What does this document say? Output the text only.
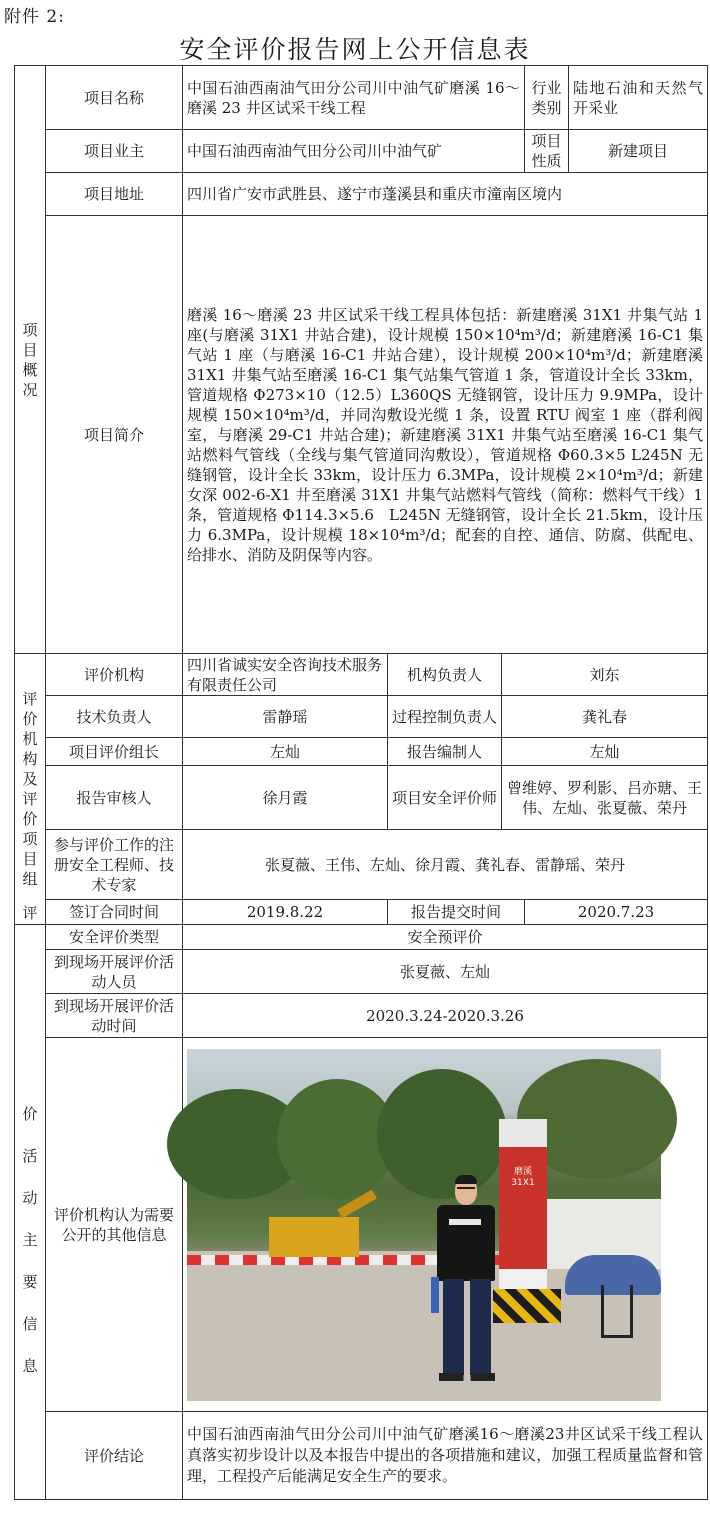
附件 2:
安全评价报告网上公开信息表
项目概况	项目名称	中国石油西南油气田分公司川中油气矿磨溪 16～磨溪 23 井区试采干线工程			行业类别	陆地石油和天然气开采业
	项目业主	中国石油西南油气田分公司川中油气矿			项目性质	新建项目
	项目地址	四川省广安市武胜县、遂宁市蓬溪县和重庆市潼南区境内				
	项目简介	磨溪 16～磨溪 23 井区试采干线工程具体包括：新建磨溪 31X1 井集气站 1 座(与磨溪 31X1 井站合建)，设计规模 150×10⁴m³/d；新建磨溪 16-C1 集气站 1 座（与磨溪 16-C1 井站合建），设计规模 200×10⁴m³/d；新建磨溪 31X1 井集气站至磨溪 16-C1 集气站集气管道 1 条，管道设计全长 33km，管道规格 Φ273×10（12.5）L360QS 无缝钢管，设计压力 9.9MPa，设计规模 150×10⁴m³/d，并同沟敷设光缆 1 条，设置 RTU 阀室 1 座（群利阀室，与磨溪 29-C1 井站合建)；新建磨溪 31X1 井集气站至磨溪 16-C1 集气站燃料气管线（全线与集气管道同沟敷设），管道规格 Φ60.3×5 L245N 无缝钢管，设计全长 33km，设计压力 6.3MPa，设计规模 2×10⁴m³/d；新建女深 002-6-X1 井至磨溪 31X1 井集气站燃料气管线（简称：燃料气干线）1 条，管道规格 Φ114.3×5.6　L245N 无缝钢管，设计全长 21.5km，设计压力 6.3MPa，设计规模 18×10⁴m³/d；配套的自控、通信、防腐、供配电、给排水、消防及阴保等内容。				

评价机构及评价项目组	评价机构	四川省诚实安全咨询技术服务有限责任公司	机构负责人	刘东		
	技术负责人	雷静瑶	过程控制负责人	龚礼春		
	项目评价组长	左灿	报告编制人	左灿		
	报告审核人	徐月霞	项目安全评价师	曾维婷、罗利影、吕亦瑭、王伟、左灿、张夏薇、荣丹		
	参与评价工作的注册安全工程师、技术专家	张夏薇、王伟、左灿、徐月霞、龚礼春、雷静瑶、荣丹				
	签订合同时间	2019.8.22	报告提交时间		2020.7.23	

评
价活动主要信息	安全评价类型	安全预评价				
	到现场开展评价活动人员	张夏薇、左灿				
	到现场开展评价活动时间	2020.3.24-2020.3.26				
	评价机构认为需要公开的其他信息	磨溪31X1				

	评价结论	中国石油西南油气田分公司川中油气矿磨溪16～磨溪23井区试采干线工程认真落实初步设计以及本报告中提出的各项措施和建议，加强工程质量监督和管理，工程投产后能满足安全生产的要求。				
